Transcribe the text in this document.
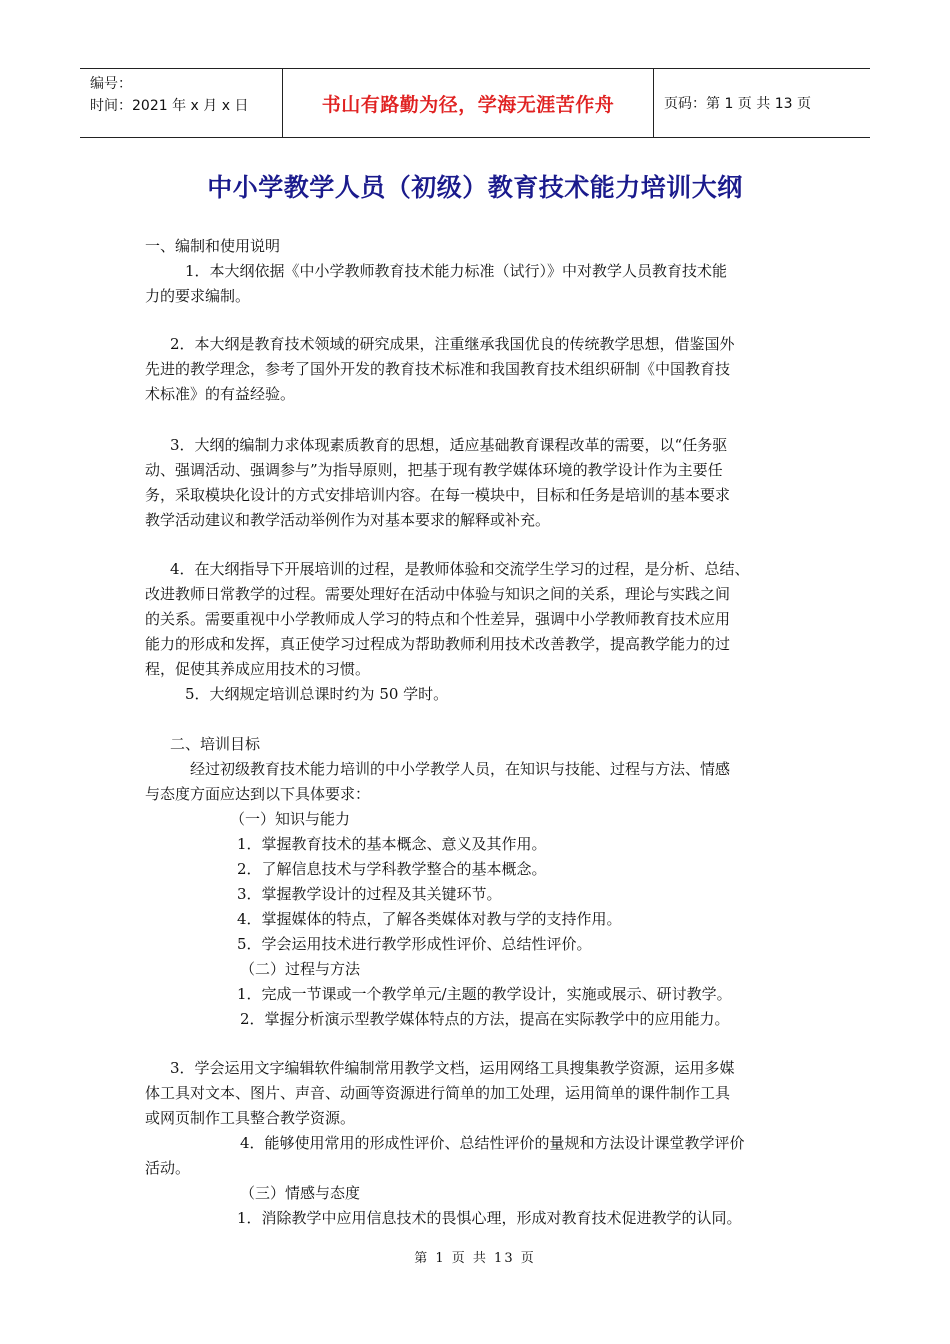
编号：
时间：2021 年 x 月 x 日	书山有路勤为径，学海无涯苦作舟	页码：第 1 页 共 13 页
中小学教学人员（初级）教育技术能力培训大纲
一、编制和使用说明
1．本大纲依据《中小学教师教育技术能力标准（试行）》中对教学人员教育技术能
力的要求编制。
2．本大纲是教育技术领域的研究成果，注重继承我国优良的传统教学思想，借鉴国外
先进的教学理念，参考了国外开发的教育技术标准和我国教育技术组织研制《中国教育技
术标准》的有益经验。
3．大纲的编制力求体现素质教育的思想，适应基础教育课程改革的需要，以“任务驱
动、强调活动、强调参与”为指导原则，把基于现有教学媒体环境的教学设计作为主要任
务，采取模块化设计的方式安排培训内容。在每一模块中，目标和任务是培训的基本要求
教学活动建议和教学活动举例作为对基本要求的解释或补充。
4．在大纲指导下开展培训的过程，是教师体验和交流学生学习的过程，是分析、总结、
改进教师日常教学的过程。需要处理好在活动中体验与知识之间的关系，理论与实践之间
的关系。需要重视中小学教师成人学习的特点和个性差异，强调中小学教师教育技术应用
能力的形成和发挥，真正使学习过程成为帮助教师利用技术改善教学，提高教学能力的过
程，促使其养成应用技术的习惯。
5．大纲规定培训总课时约为 50 学时。
二、培训目标
经过初级教育技术能力培训的中小学教学人员，在知识与技能、过程与方法、情感
与态度方面应达到以下具体要求：
（一）知识与能力
1．掌握教育技术的基本概念、意义及其作用。
2．了解信息技术与学科教学整合的基本概念。
3．掌握教学设计的过程及其关键环节。
4．掌握媒体的特点，了解各类媒体对教与学的支持作用。
5．学会运用技术进行教学形成性评价、总结性评价。
（二）过程与方法
1．完成一节课或一个教学单元/主题的教学设计，实施或展示、研讨教学。
2．掌握分析演示型教学媒体特点的方法，提高在实际教学中的应用能力。
3．学会运用文字编辑软件编制常用教学文档，运用网络工具搜集教学资源，运用多媒
体工具对文本、图片、声音、动画等资源进行简单的加工处理，运用简单的课件制作工具
或网页制作工具整合教学资源。
4．能够使用常用的形成性评价、总结性评价的量规和方法设计课堂教学评价
活动。
（三）情感与态度
1．消除教学中应用信息技术的畏惧心理，形成对教育技术促进教学的认同。
第 1 页 共 13 页
